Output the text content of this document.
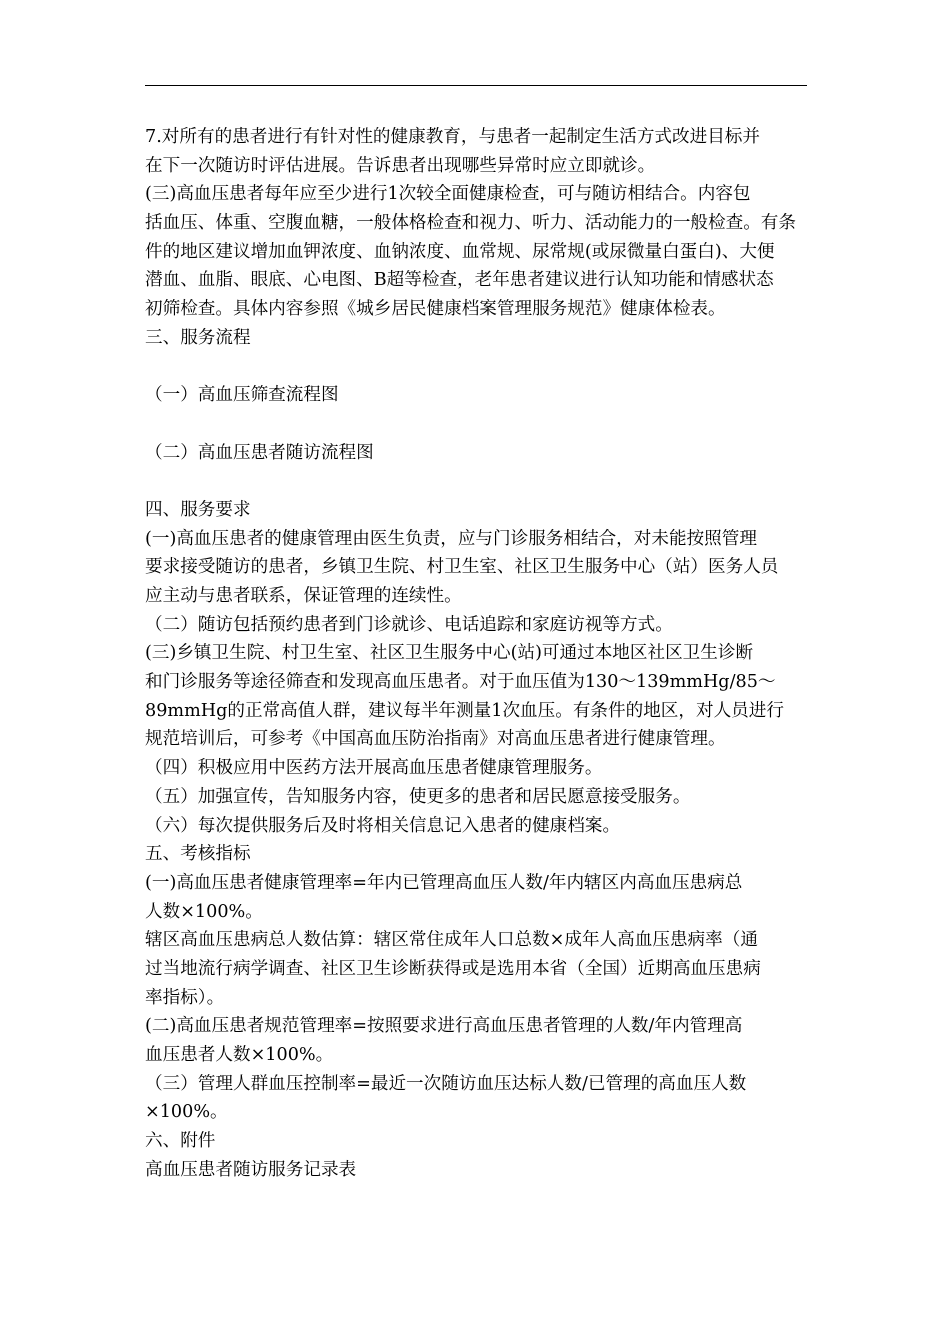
7.对所有的患者进行有针对性的健康教育，与患者一起制定生活方式改进目标并
在下一次随访时评估进展。告诉患者出现哪些异常时应立即就诊。
(三)高血压患者每年应至少进行1次较全面健康检查，可与随访相结合。内容包
括血压、体重、空腹血糖，一般体格检查和视力、听力、活动能力的一般检查。有条
件的地区建议增加血钾浓度、血钠浓度、血常规、尿常规(或尿微量白蛋白)、大便
潜血、血脂、眼底、心电图、B超等检查，老年患者建议进行认知功能和情感状态
初筛检查。具体内容参照《城乡居民健康档案管理服务规范》健康体检表。
三、服务流程
（一）高血压筛查流程图
（二）高血压患者随访流程图
四、服务要求
(一)高血压患者的健康管理由医生负责，应与门诊服务相结合，对未能按照管理
要求接受随访的患者，乡镇卫生院、村卫生室、社区卫生服务中心（站）医务人员
应主动与患者联系，保证管理的连续性。
（二）随访包括预约患者到门诊就诊、电话追踪和家庭访视等方式。
(三)乡镇卫生院、村卫生室、社区卫生服务中心(站)可通过本地区社区卫生诊断
和门诊服务等途径筛查和发现高血压患者。对于血压值为130～139mmHg/85～
89mmHg的正常高值人群，建议每半年测量1次血压。有条件的地区，对人员进行
规范培训后，可参考《中国高血压防治指南》对高血压患者进行健康管理。
（四）积极应用中医药方法开展高血压患者健康管理服务。
（五）加强宣传，告知服务内容，使更多的患者和居民愿意接受服务。
（六）每次提供服务后及时将相关信息记入患者的健康档案。
五、考核指标
(一)高血压患者健康管理率=年内已管理高血压人数/年内辖区内高血压患病总
人数×100%。
辖区高血压患病总人数估算：辖区常住成年人口总数×成年人高血压患病率（通
过当地流行病学调查、社区卫生诊断获得或是选用本省（全国）近期高血压患病
率指标）。
(二)高血压患者规范管理率=按照要求进行高血压患者管理的人数/年内管理高
血压患者人数×100%。
（三）管理人群血压控制率=最近一次随访血压达标人数/已管理的高血压人数
×100%。
六、附件
高血压患者随访服务记录表
